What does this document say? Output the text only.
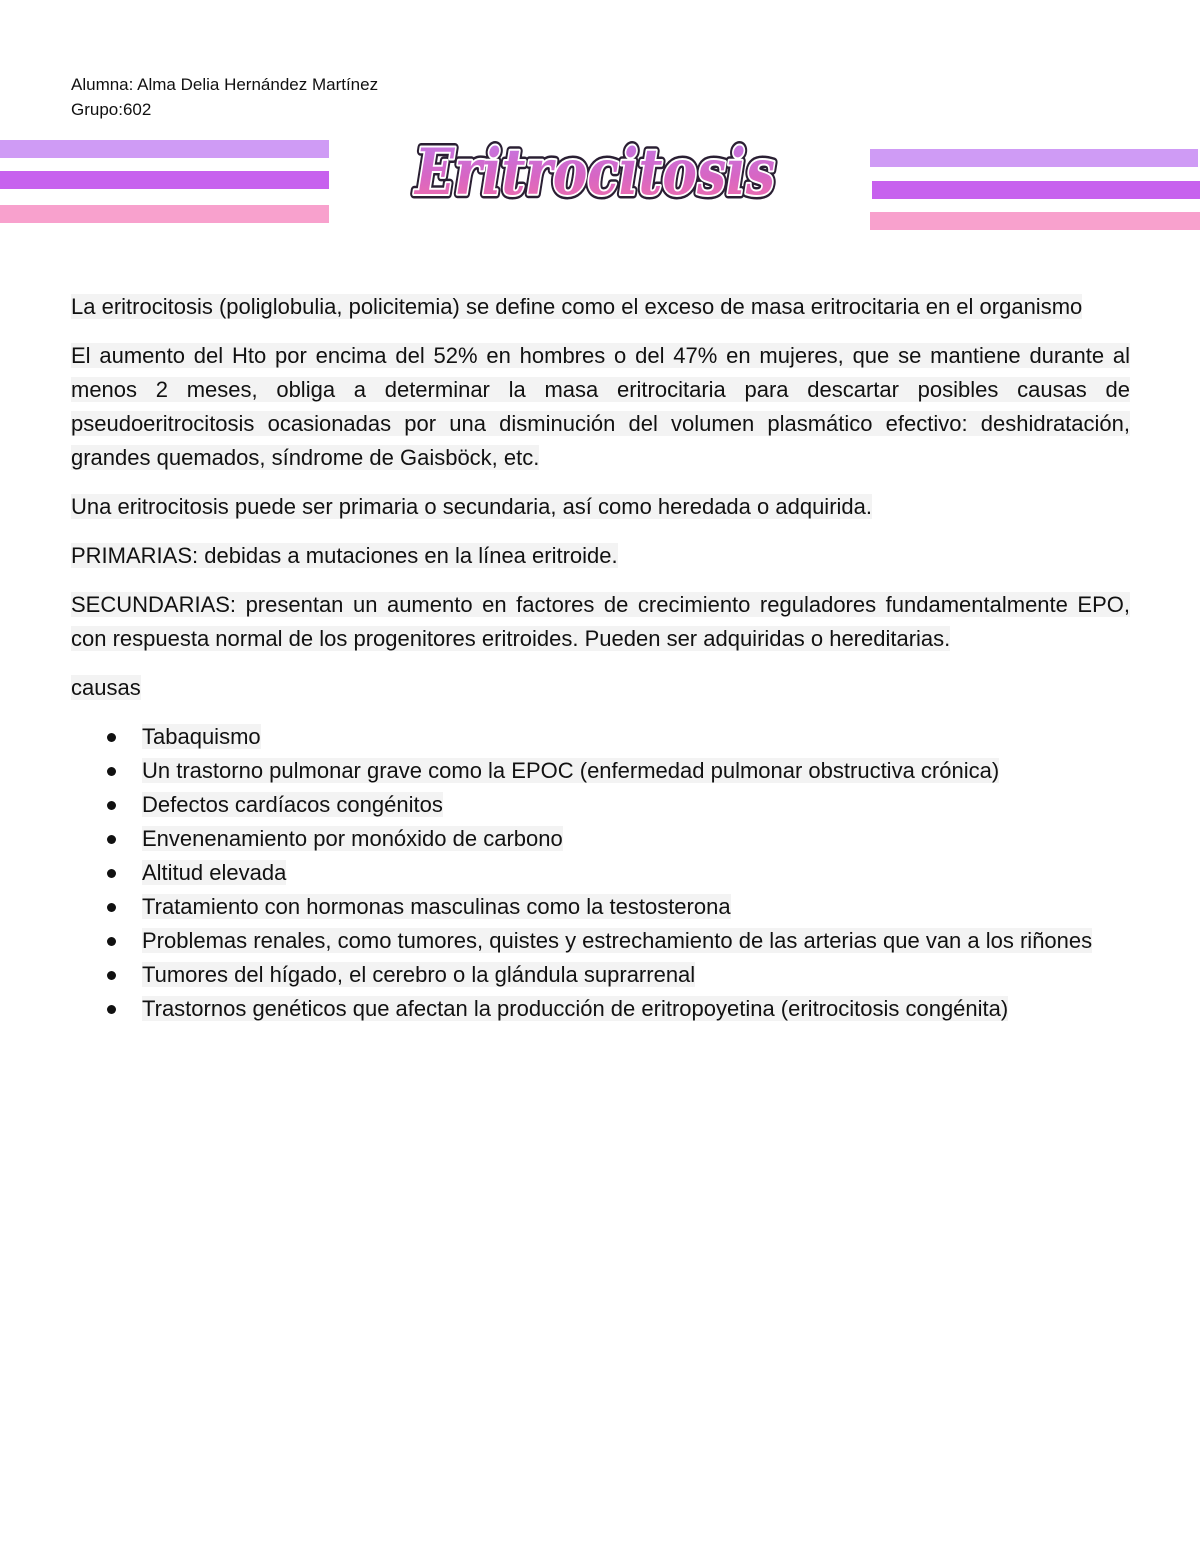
Alumna: Alma Delia Hernández Martínez
Grupo:602
Eritrocitosis
Eritrocitosis
Eritrocitosis

La eritrocitosis (poliglobulia, policitemia) se define como el exceso de masa eritrocitaria en el organismo

El aumento del Hto por encima del 52% en hombres o del 47% en mujeres, que se mantiene durante al menos 2 meses, obliga a determinar la masa eritrocitaria para descartar posibles causas de pseudoeritrocitosis ocasionadas por una disminución del volumen plasmático efectivo: deshidratación, grandes quemados, síndrome de Gaisböck, etc.

Una eritrocitosis puede ser primaria o secundaria, así como heredada o adquirida.

PRIMARIAS: debidas a mutaciones en la línea eritroide.

SECUNDARIAS: presentan un aumento en factores de crecimiento reguladores fundamentalmente EPO, con respuesta normal de los progenitores eritroides. Pueden ser adquiridas o hereditarias.

causas

Tabaquismo
Un trastorno pulmonar grave como la EPOC (enfermedad pulmonar obstructiva crónica)
Defectos cardíacos congénitos
Envenenamiento por monóxido de carbono
Altitud elevada
Tratamiento con hormonas masculinas como la testosterona
Problemas renales, como tumores, quistes y estrechamiento de las arterias que van a los riñones
Tumores del hígado, el cerebro o la glándula suprarrenal
Trastornos genéticos que afectan la producción de eritropoyetina (eritrocitosis congénita)
